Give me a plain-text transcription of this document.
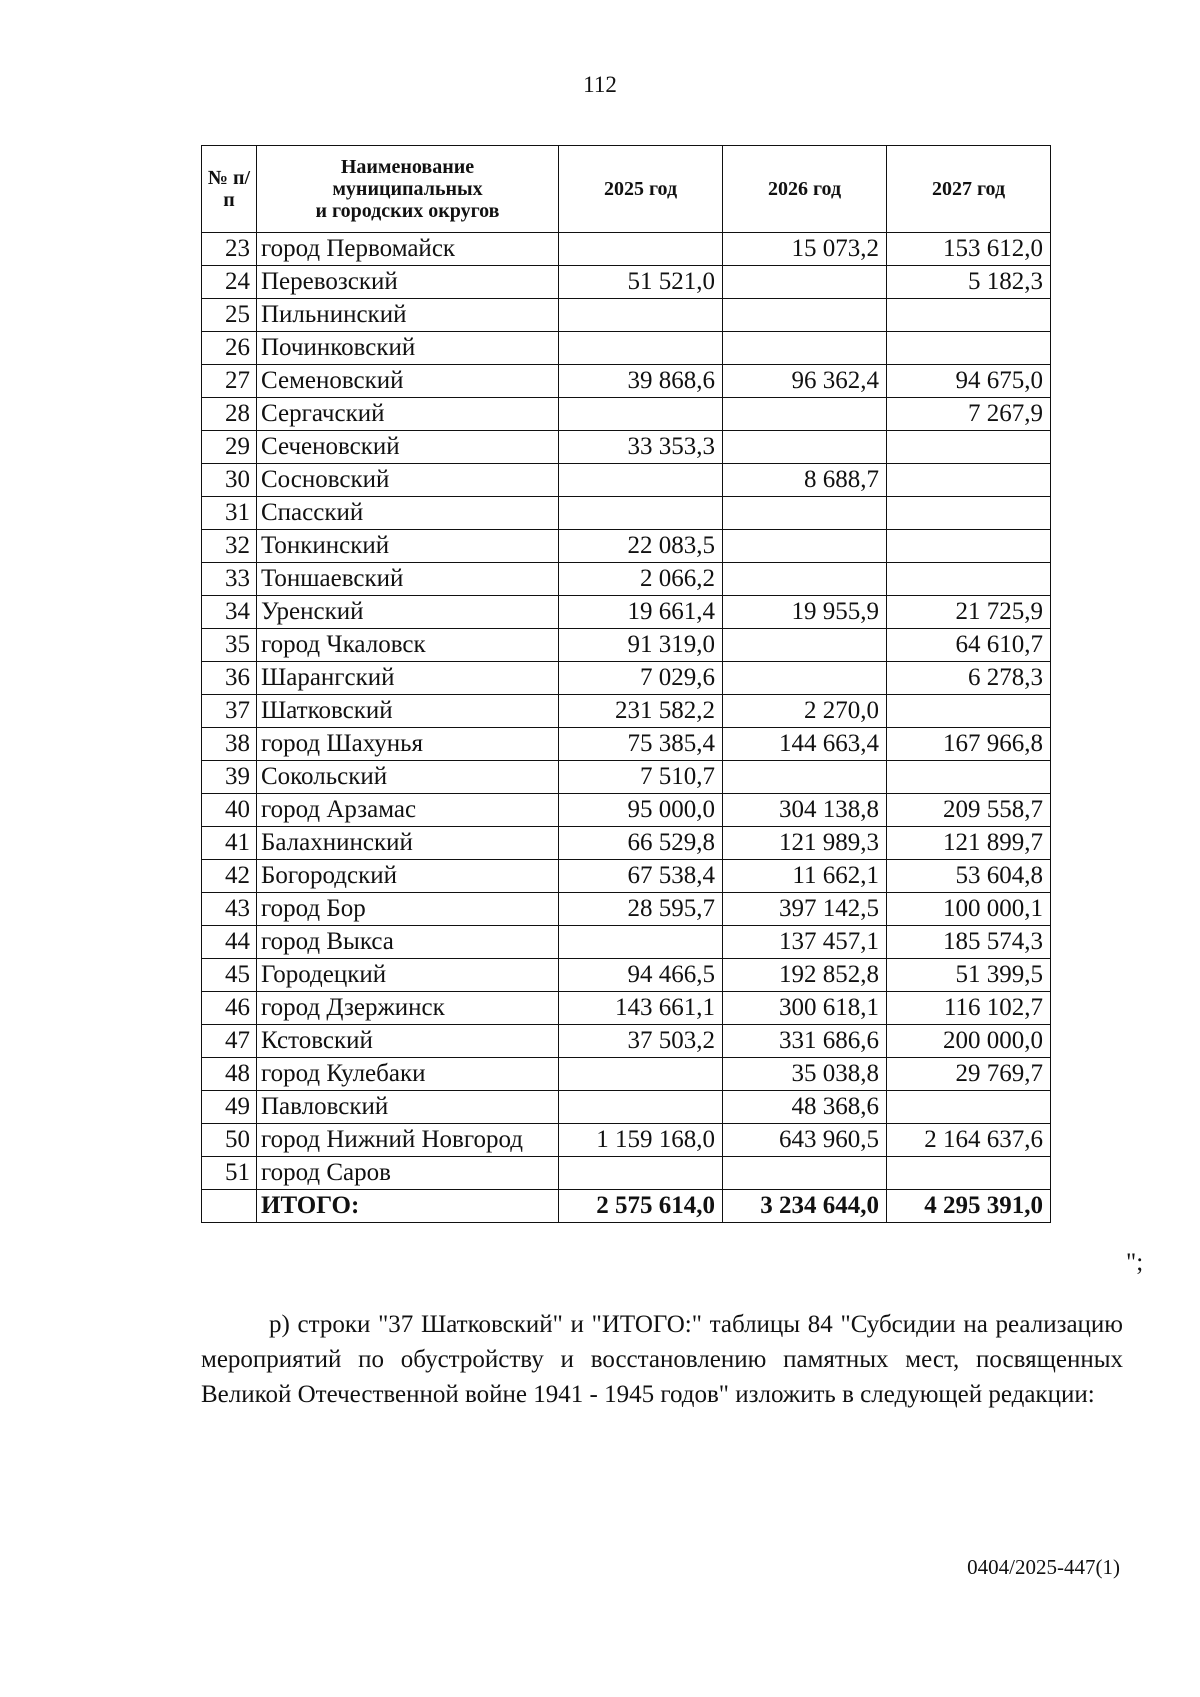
112
№ п/п	Наименование
муниципальных
и городских округов	2025 год	2026 год	2027 год
23	город Первомайск		15 073,2	153 612,0
24	Перевозский	51 521,0		5 182,3
25	Пильнинский			
26	Починковский			
27	Семеновский	39 868,6	96 362,4	94 675,0
28	Сергачский			7 267,9
29	Сеченовский	33 353,3		
30	Сосновский		8 688,7	
31	Спасский			
32	Тонкинский	22 083,5		
33	Тоншаевский	2 066,2		
34	Уренский	19 661,4	19 955,9	21 725,9
35	город Чкаловск	91 319,0		64 610,7
36	Шарангский	7 029,6		6 278,3
37	Шатковский	231 582,2	2 270,0	
38	город Шахунья	75 385,4	144 663,4	167 966,8
39	Сокольский	7 510,7		
40	город Арзамас	95 000,0	304 138,8	209 558,7
41	Балахнинский	66 529,8	121 989,3	121 899,7
42	Богородский	67 538,4	11 662,1	53 604,8
43	город Бор	28 595,7	397 142,5	100 000,1
44	город Выкса		137 457,1	185 574,3
45	Городецкий	94 466,5	192 852,8	51 399,5
46	город Дзержинск	143 661,1	300 618,1	116 102,7
47	Кстовский	37 503,2	331 686,6	200 000,0
48	город Кулебаки		35 038,8	29 769,7
49	Павловский		48 368,6	
50	город Нижний Новгород	1 159 168,0	643 960,5	2 164 637,6
51	город Саров			
	ИТОГО:	2 575 614,0	3 234 644,0	4 295 391,0
";

р) строки "37 Шатковский" и "ИТОГО:" таблицы 84 "Субсидии на реализацию мероприятий по обустройству и восстановлению памятных мест, посвященных Великой Отечественной войне 1941 - 1945 годов" изложить в следующей редакции:

0404/2025-447(1)
